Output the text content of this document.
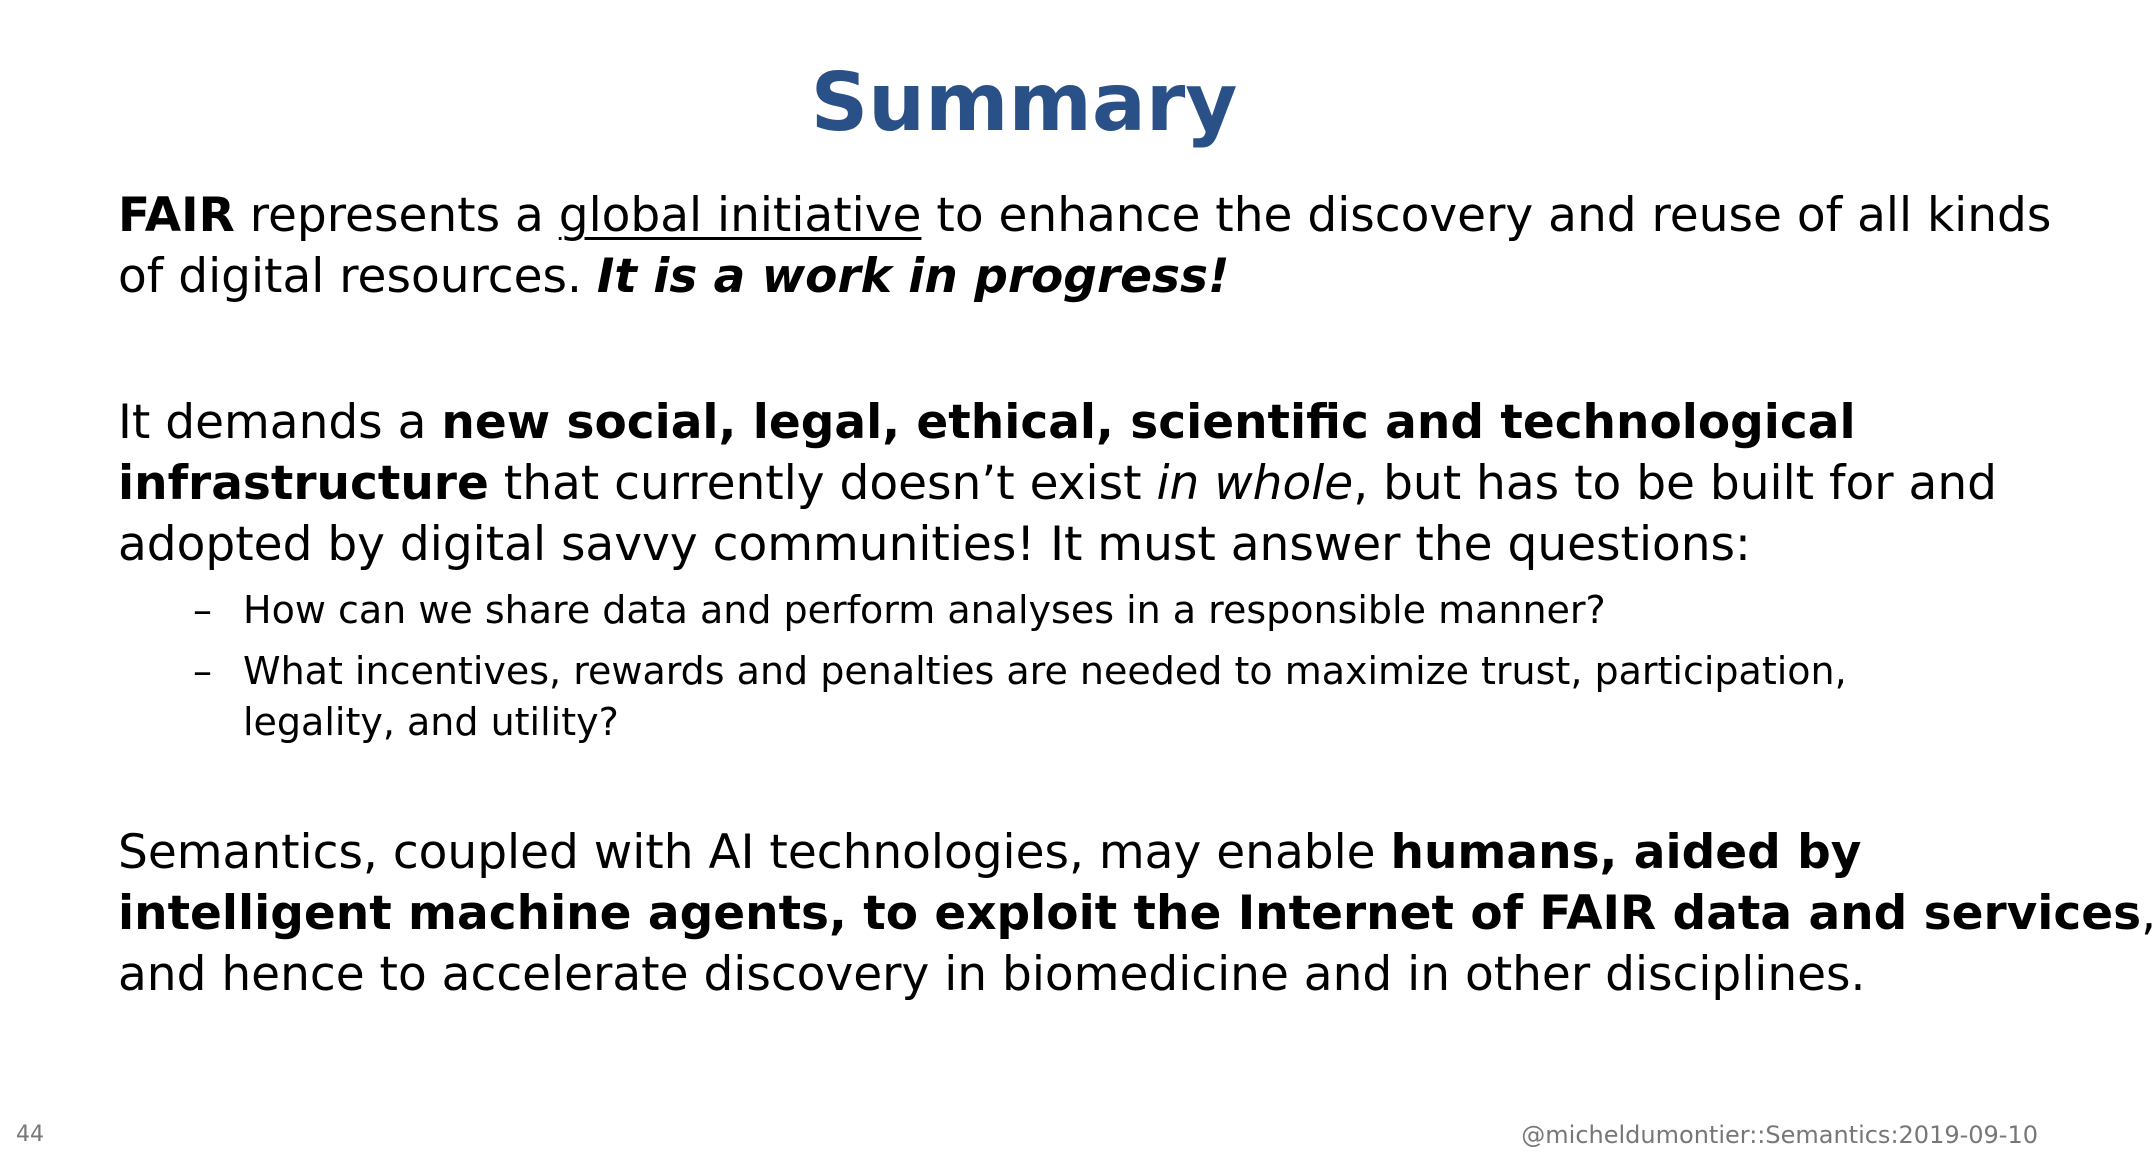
Summary

FAIR represents a global initiative to enhance the discovery and reuse of all kinds
of digital resources. It is a work in progress!

It demands a new social, legal, ethical, scientific and technological
infrastructure that currently doesn’t exist in whole, but has to be built for and
adopted by digital savvy communities! It must answer the questions:

– How can we share data and perform analyses in a responsible manner?
– What incentives, rewards and penalties are needed to maximize trust, participation,
legality, and utility?

Semantics, coupled with AI technologies, may enable humans, aided by
intelligent machine agents, to exploit the Internet of FAIR data and services,
and hence to accelerate discovery in biomedicine and in other disciplines.

44	@micheldumontier::Semantics:2019-09-10
